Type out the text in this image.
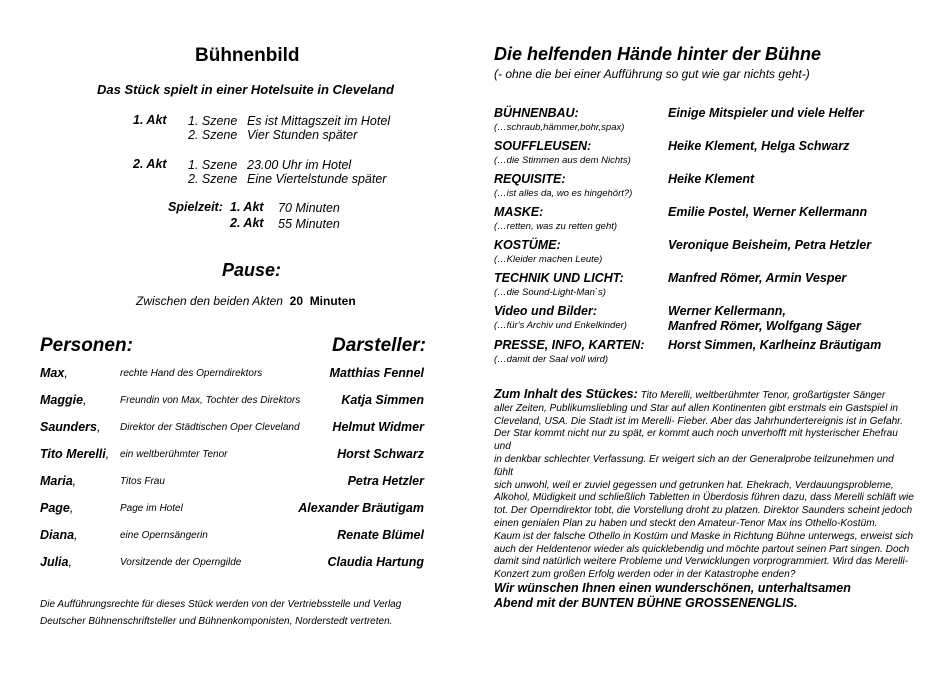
Bühnenbild
Das Stück spielt in einer Hotelsuite in Cleveland
1. Akt 1. Szene Es ist Mittagszeit im Hotel
2. Szene Vier Stunden später
2. Akt 1. Szene 23.00 Uhr im Hotel
2. Szene Eine Viertelstunde später
Spielzeit: 1. Akt 70 Minuten
2. Akt 55 Minuten
Pause:
Zwischen den beiden Akten 20 Minuten
Personen:	Darsteller:
Max,	rechte Hand des Operndirektors	Matthias Fennel
Maggie,	Freundin von Max, Tochter des Direktors	Katja Simmen
Saunders, Direktor der Städtischen Oper Cleveland	Helmut Widmer
Tito Merelli, ein weltberühmter Tenor	Horst Schwarz
Maria,	Titos Frau	Petra Hetzler
Page,	Page im Hotel	Alexander Bräutigam
Diana,	eine Opernsängerin	Renate Blümel
Julia,	Vorsitzende der Operngilde	Claudia Hartung
Die Aufführungsrechte für dieses Stück werden von der Vertriebsstelle und Verlag
Deutscher Bühnenschriftsteller und Bühnenkomponisten, Norderstedt vertreten.
Die helfenden Hände hinter der Bühne
(- ohne die bei einer Aufführung so gut wie gar nichts geht-)
BÜHNENBAU:
(…schraub,hämmer,bohr,spax)
Einige Mitspieler und viele Helfer
SOUFFLEUSEN:
(…die Stimmen aus dem Nichts)
Heike Klement, Helga Schwarz
REQUISITE:
(…ist alles da, wo es hingehört?)
Heike Klement
MASKE:
(…retten, was zu retten geht)
Emilie Postel, Werner Kellermann
KOSTÜME:
(…Kleider machen Leute)
Veronique Beisheim, Petra Hetzler
TECHNIK UND LICHT:
(…die Sound-Light-Man`s)
Manfred Römer, Armin Vesper
Video und Bilder:
(…für's Archiv und Enkelkinder)
Werner Kellermann,
Manfred Römer, Wolfgang Säger
PRESSE, INFO, KARTEN:
(…damit der Saal voll wird)
Horst Simmen, Karlheinz Bräutigam
Zum Inhalt des Stückes: Tito Merelli, weltberühmter Tenor, großartigster Sänger
aller Zeiten, Publikumsliebling und Star auf allen Kontinenten gibt erstmals ein Gastspiel in
Cleveland, USA. Die Stadt ist im Merelli- Fieber. Aber das Jahrhundertereignis ist in Gefahr.
Der Star kommt nicht nur zu spät, er kommt auch noch unverhofft mit hysterischer Ehefrau und
in denkbar schlechter Verfassung. Er weigert sich an der Generalprobe teilzunehmen und fühlt
sich unwohl, weil er zuviel gegessen und getrunken hat. Ehekrach, Verdauungsprobleme,
Alkohol, Müdigkeit und schließlich Tabletten in Überdosis führen dazu, dass Merelli schläft wie
tot. Der Operndirektor tobt, die Vorstellung droht zu platzen. Direktor Saunders scheint jedoch
einen genialen Plan zu haben und steckt den Amateur-Tenor Max ins Othello-Kostüm.
Kaum ist der falsche Othello in Kostüm und Maske in Richtung Bühne unterwegs, erweist sich
auch der Heldentenor wieder als quicklebendig und möchte partout seinen Part singen. Doch
damit sind natürlich weitere Probleme und Verwicklungen vorprogrammiert. Wird das Merelli-
Konzert zum großen Erfolg werden oder in der Katastrophe enden?
Wir wünschen Ihnen einen wunderschönen, unterhaltsamen
Abend mit der BUNTEN BÜHNE GROSSENENGLIS.
